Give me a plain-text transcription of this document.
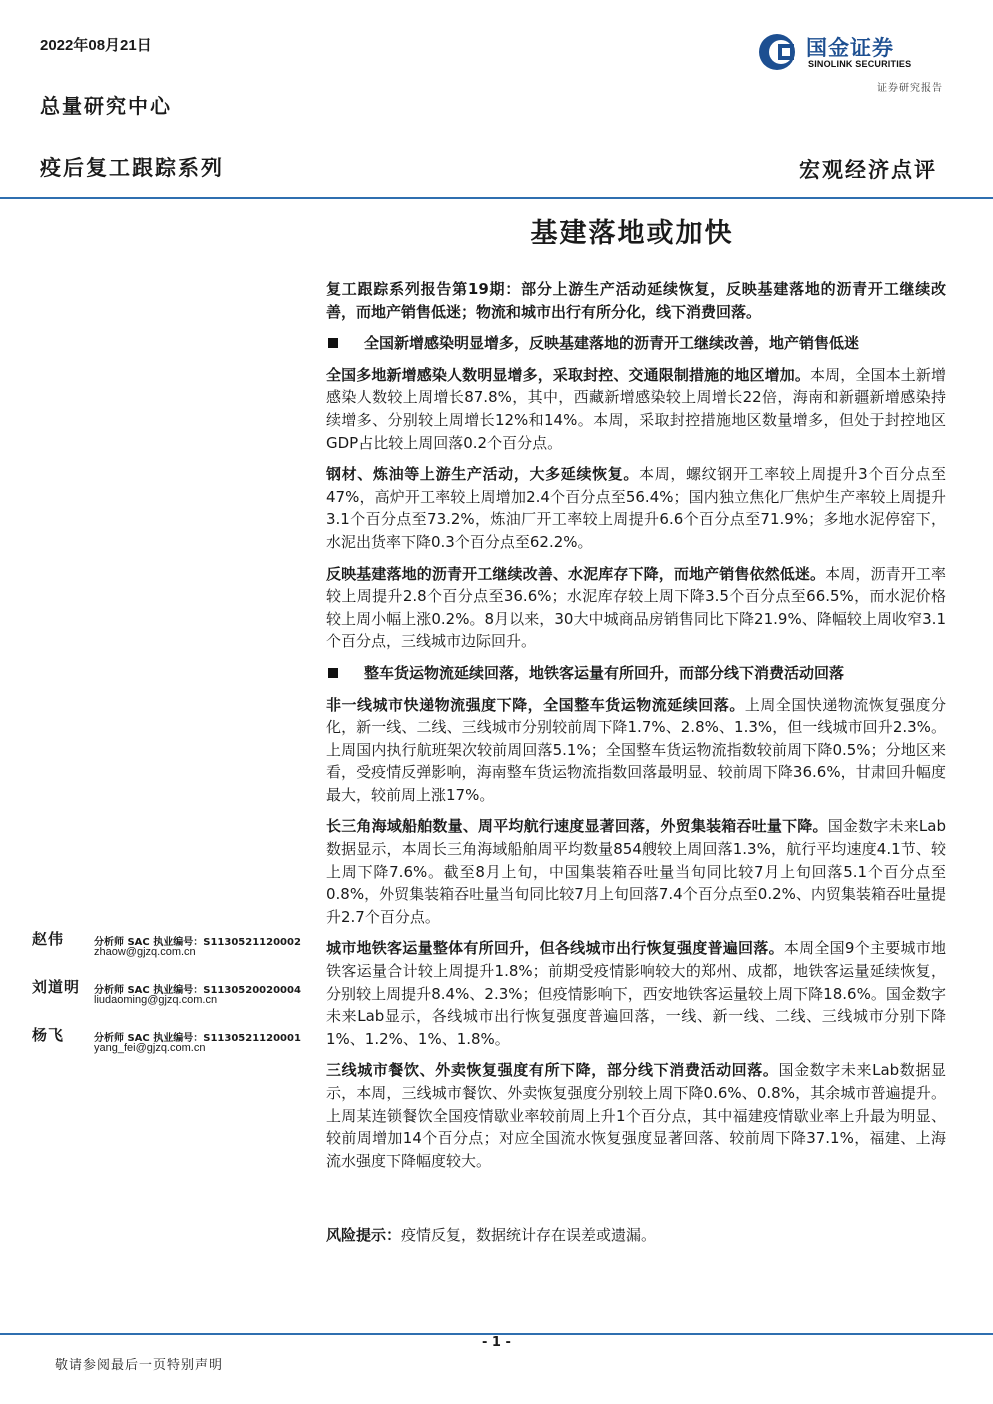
2022年08月21日
总量研究中心
疫后复工跟踪系列	宏观经济点评
国金证券
SINOLINK SECURITIES
证券研究报告
基建落地或加快

复工跟踪系列报告第19期：部分上游生产活动延续恢复，反映基建落地的沥青开工继续改善，而地产销售低迷；物流和城市出行有所分化，线下消费回落。

全国新增感染明显增多，反映基建落地的沥青开工继续改善，地产销售低迷

全国多地新增感染人数明显增多，采取封控、交通限制措施的地区增加。本周，全国本土新增感染人数较上周增长87.8%，其中，西藏新增感染较上周增长22倍，海南和新疆新增感染持续增多、分别较上周增长12%和14%。本周，采取封控措施地区数量增多，但处于封控地区GDP占比较上周回落0.2个百分点。

钢材、炼油等上游生产活动，大多延续恢复。本周，螺纹钢开工率较上周提升3个百分点至47%，高炉开工率较上周增加2.4个百分点至56.4%；国内独立焦化厂焦炉生产率较上周提升3.1个百分点至73.2%，炼油厂开工率较上周提升6.6个百分点至71.9%；多地水泥停窑下，水泥出货率下降0.3个百分点至62.2%。

反映基建落地的沥青开工继续改善、水泥库存下降，而地产销售依然低迷。本周，沥青开工率较上周提升2.8个百分点至36.6%；水泥库存较上周下降3.5个百分点至66.5%，而水泥价格较上周小幅上涨0.2%。8月以来，30大中城商品房销售同比下降21.9%、降幅较上周收窄3.1个百分点，三线城市边际回升。

整车货运物流延续回落，地铁客运量有所回升，而部分线下消费活动回落

非一线城市快递物流强度下降，全国整车货运物流延续回落。上周全国快递物流恢复强度分化，新一线、二线、三线城市分别较前周下降1.7%、2.8%、1.3%，但一线城市回升2.3%。上周国内执行航班架次较前周回落5.1%；全国整车货运物流指数较前周下降0.5%；分地区来看，受疫情反弹影响，海南整车货运物流指数回落最明显、较前周下降36.6%，甘肃回升幅度最大，较前周上涨17%。

长三角海域船舶数量、周平均航行速度显著回落，外贸集装箱吞吐量下降。国金数字未来Lab数据显示，本周长三角海域船舶周平均数量854艘较上周回落1.3%，航行平均速度4.1节、较上周下降7.6%。截至8月上旬，中国集装箱吞吐量当旬同比较7月上旬回落5.1个百分点至0.8%，外贸集装箱吞吐量当旬同比较7月上旬回落7.4个百分点至0.2%、内贸集装箱吞吐量提升2.7个百分点。

城市地铁客运量整体有所回升，但各线城市出行恢复强度普遍回落。本周全国9个主要城市地铁客运量合计较上周提升1.8%；前期受疫情影响较大的郑州、成都，地铁客运量延续恢复，分别较上周提升8.4%、2.3%；但疫情影响下，西安地铁客运量较上周下降18.6%。国金数字未来Lab显示，各线城市出行恢复强度普遍回落，一线、新一线、二线、三线城市分别下降1%、1.2%、1%、1.8%。

三线城市餐饮、外卖恢复强度有所下降，部分线下消费活动回落。国金数字未来Lab数据显示，本周，三线城市餐饮、外卖恢复强度分别较上周下降0.6%、0.8%，其余城市普遍提升。上周某连锁餐饮全国疫情歇业率较前周上升1个百分点，其中福建疫情歇业率上升最为明显、较前周增加14个百分点；对应全国流水恢复强度显著回落、较前周下降37.1%，福建、上海流水强度下降幅度较大。

风险提示：疫情反复，数据统计存在误差或遗漏。
赵伟	分析师 SAC 执业编号：S1130521120002
zhaow@gjzq.com.cn
刘道明 分析师 SAC 执业编号：S1130520020004
liudaoming@gjzq.com.cn
杨飞	分析师 SAC 执业编号：S1130521120001
yang_fei@gjzq.com.cn
- 1 -
敬请参阅最后一页特别声明
